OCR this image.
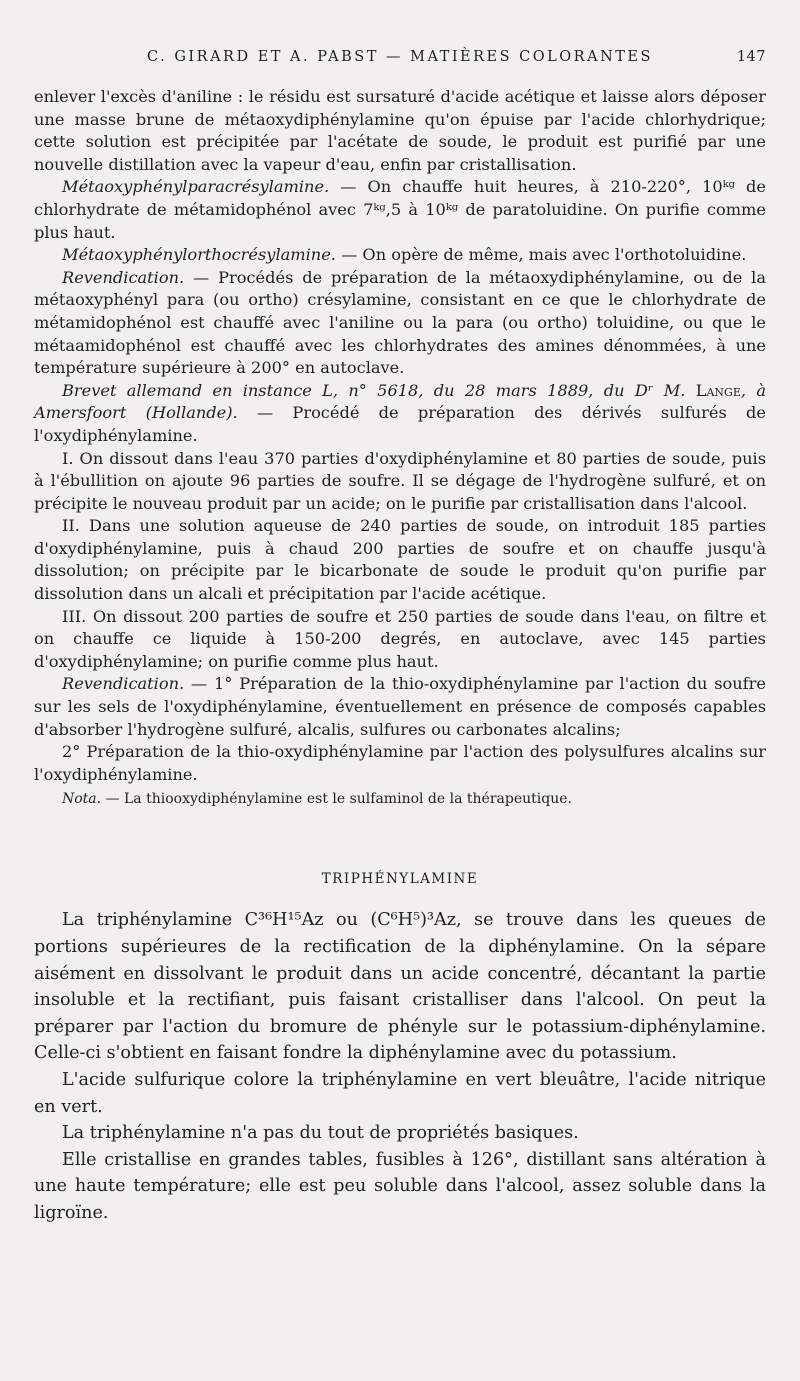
C. GIRARD ET A. PABST — MATIÈRES COLORANTES	147

enlever l'excès d'aniline : le résidu est sursaturé d'acide acétique et laisse alors déposer une masse brune de métaoxydiphénylamine qu'on épuise par l'acide chlorhydrique; cette solution est précipitée par l'acétate de soude, le produit est purifié par une nouvelle distillation avec la vapeur d'eau, enfin par cristallisation.

Métaoxyphénylparacrésylamine. — On chauffe huit heures, à 210-220°, 10ᵏᵍ de chlorhydrate de métamidophénol avec 7ᵏᵍ,5 à 10ᵏᵍ de paratoluidine. On purifie comme plus haut.

Métaoxyphénylorthocrésylamine. — On opère de même, mais avec l'orthotoluidine.

Revendication. — Procédés de préparation de la métaoxydiphénylamine, ou de la métaoxyphényl para (ou ortho) crésylamine, consistant en ce que le chlorhydrate de métamidophénol est chauffé avec l'aniline ou la para (ou ortho) toluidine, ou que le métaamidophénol est chauffé avec les chlorhydrates des amines dénommées, à une température supérieure à 200° en autoclave.

Brevet allemand en instance L, n° 5618, du 28 mars 1889, du Dʳ M. Lange, à Amersfoort (Hollande). — Procédé de préparation des dérivés sulfurés de l'oxydiphénylamine.

I. On dissout dans l'eau 370 parties d'oxydiphénylamine et 80 parties de soude, puis à l'ébullition on ajoute 96 parties de soufre. Il se dégage de l'hydrogène sulfuré, et on précipite le nouveau produit par un acide; on le purifie par cristallisation dans l'alcool.

II. Dans une solution aqueuse de 240 parties de soude, on introduit 185 parties d'oxydiphénylamine, puis à chaud 200 parties de soufre et on chauffe jusqu'à dissolution; on précipite par le bicarbonate de soude le produit qu'on purifie par dissolution dans un alcali et précipitation par l'acide acétique.

III. On dissout 200 parties de soufre et 250 parties de soude dans l'eau, on filtre et on chauffe ce liquide à 150-200 degrés, en autoclave, avec 145 parties d'oxydiphénylamine; on purifie comme plus haut.

Revendication. — 1° Préparation de la thio-oxydiphénylamine par l'action du soufre sur les sels de l'oxydiphénylamine, éventuellement en présence de composés capables d'absorber l'hydrogène sulfuré, alcalis, sulfures ou carbonates alcalins;

2° Préparation de la thio-oxydiphénylamine par l'action des polysulfures alcalins sur l'oxydiphénylamine.

Nota. — La thiooxydiphénylamine est le sulfaminol de la thérapeutique.
TRIPHÉNYLAMINE

La triphénylamine C³⁶H¹⁵Az ou (C⁶H⁵)³Az, se trouve dans les queues de portions supérieures de la rectification de la diphénylamine. On la sépare aisément en dissolvant le produit dans un acide concentré, décantant la partie insoluble et la rectifiant, puis faisant cristalliser dans l'alcool. On peut la préparer par l'action du bromure de phényle sur le potassium-diphénylamine. Celle-ci s'obtient en faisant fondre la diphénylamine avec du potassium.

L'acide sulfurique colore la triphénylamine en vert bleuâtre, l'acide nitrique en vert.

La triphénylamine n'a pas du tout de propriétés basiques.

Elle cristallise en grandes tables, fusibles à 126°, distillant sans altération à une haute température; elle est peu soluble dans l'alcool, assez soluble dans la ligroïne.
